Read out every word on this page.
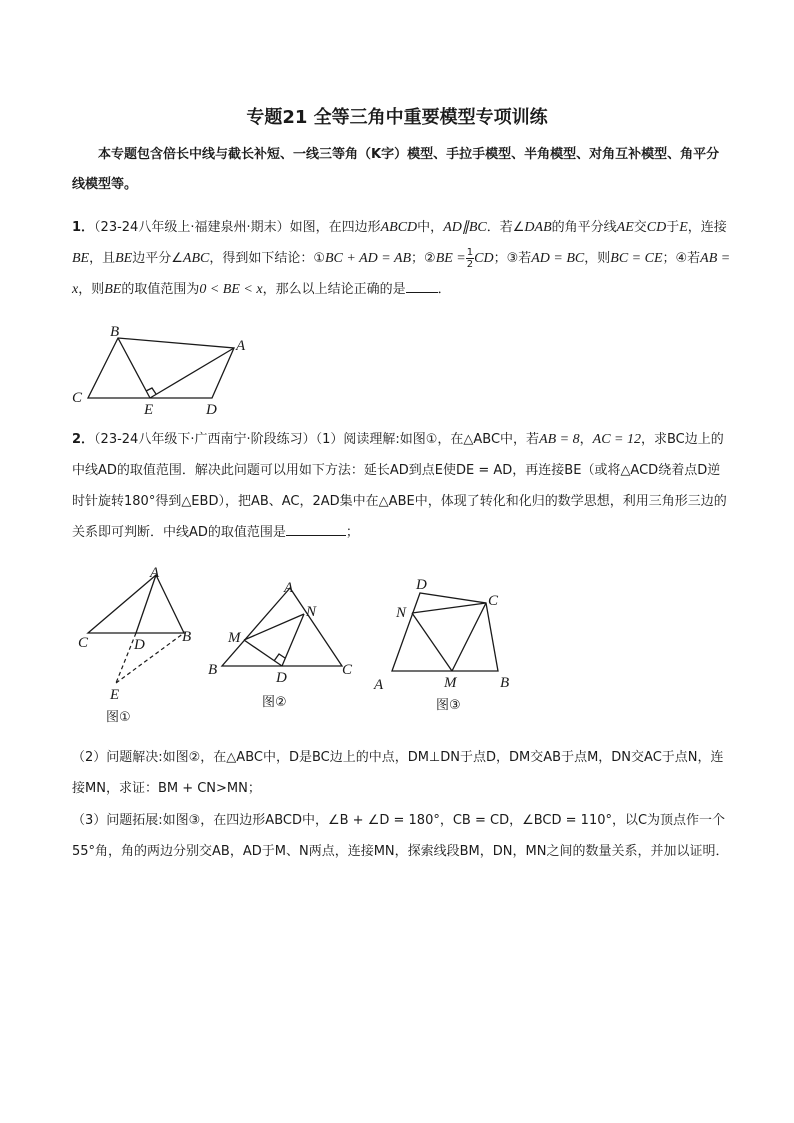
专题21 全等三角中重要模型专项训练
本专题包含倍长中线与截长补短、一线三等角（K字）模型、手拉手模型、半角模型、对角互补模型、角平分线模型等。
1．（23-24八年级上·福建泉州·期末）如图，在四边形ABCD中，AD∥BC．若∠DAB的角平分线AE交CD于E，连接BE，且BE边平分∠ABC，得到如下结论：①BC + AD = AB；②BE = $\frac{1}{2}$ CD；③若AD = BC，则BC = CE；④若AB = x，则BE的取值范围为0 < BE < x，那么以上结论正确的是 ．
B
A
C
E	D
2．（23-24八年级下·广西南宁·阶段练习）（1）阅读理解:如图①，在△ABC中，若AB = 8，AC = 12，求BC边上的中线AD的取值范围．解决此问题可以用如下方法：延长AD到点E使DE = AD，再连接BE（或将△ACD绕着点D逆时针旋转180°得到△EBD），把AB、AC，2AD集中在△ABE中，体现了转化和化归的数学思想，利用三角形三边的关系即可判断．中线AD的取值范围是	；
A
C	D B
E
图①
A
N
M
B	D	C
图②
D
N
C
A	M	B
图③
（2）问题解决:如图②，在△ABC中，D是BC边上的中点，DM⊥DN于点D，DM交AB于点M，DN交AC于点N，连接MN，求证：BM + CN>MN；
（3）问题拓展:如图③，在四边形ABCD中，∠B + ∠D = 180°，CB = CD，∠BCD = 110°，以C为顶点作一个55°角，角的两边分别交AB，AD于M、N两点，连接MN，探索线段BM，DN，MN之间的数量关系，并加以证明．
